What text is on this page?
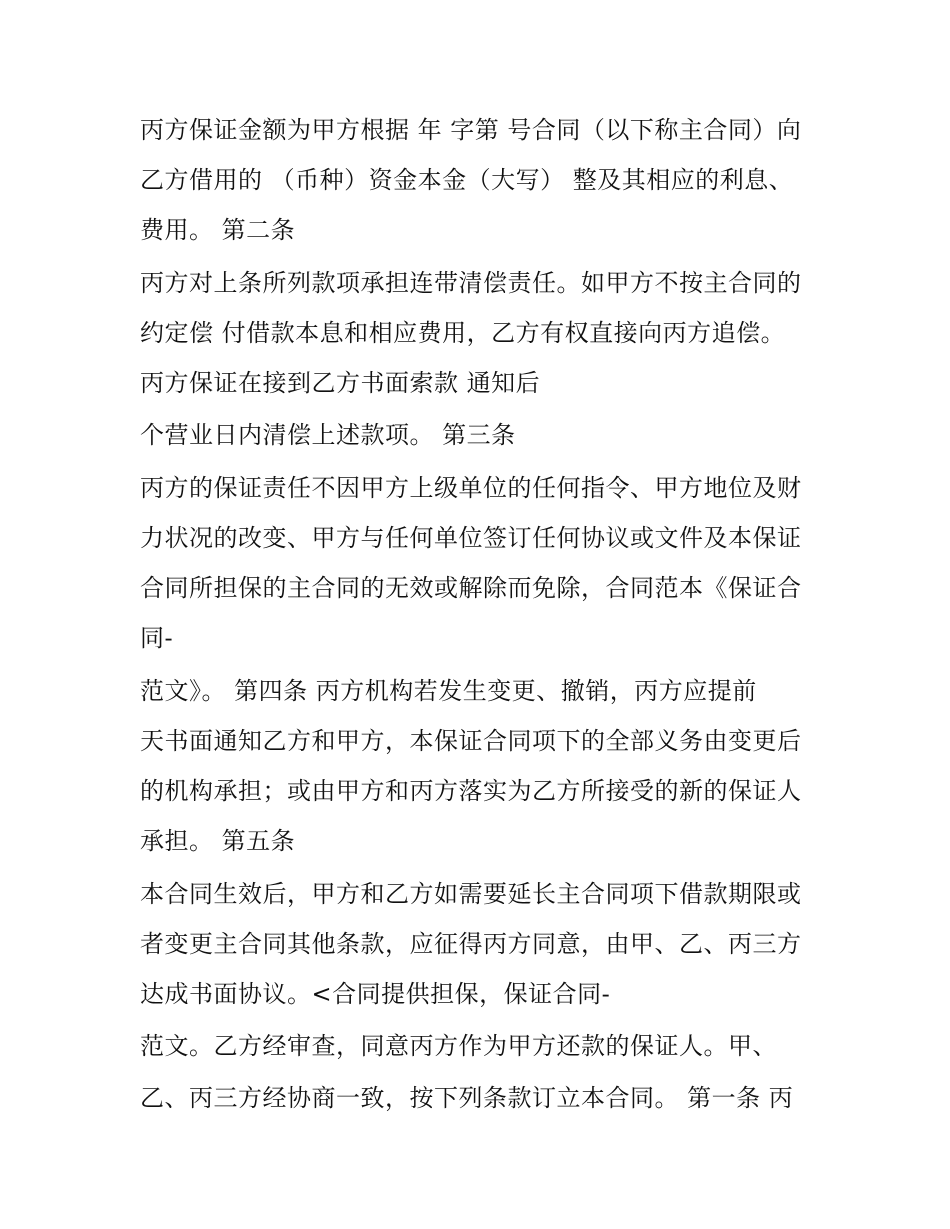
丙方保证金额为甲方根据 年 字第 号合同（以下称主合同）向
乙方借用的 （币种）资金本金（大写） 整及其相应的利息、
费用。 第二条
丙方对上条所列款项承担连带清偿责任。如甲方不按主合同的
约定偿 付借款本息和相应费用，乙方有权直接向丙方追偿。
丙方保证在接到乙方书面索款 通知后
个营业日内清偿上述款项。 第三条
丙方的保证责任不因甲方上级单位的任何指令、甲方地位及财
力状况的改变、甲方与任何单位签订任何协议或文件及本保证
合同所担保的主合同的无效或解除而免除，合同范本《保证合
同-
范文》。 第四条 丙方机构若发生变更、撤销，丙方应提前
天书面通知乙方和甲方，本保证合同项下的全部义务由变更后
的机构承担；或由甲方和丙方落实为乙方所接受的新的保证人
承担。 第五条
本合同生效后，甲方和乙方如需要延长主合同项下借款期限或
者变更主合同其他条款，应征得丙方同意，由甲、乙、丙三方
达成书面协议。<合同提供担保，保证合同-
范文。乙方经审查，同意丙方作为甲方还款的保证人。甲、
乙、丙三方经协商一致，按下列条款订立本合同。 第一条 丙
